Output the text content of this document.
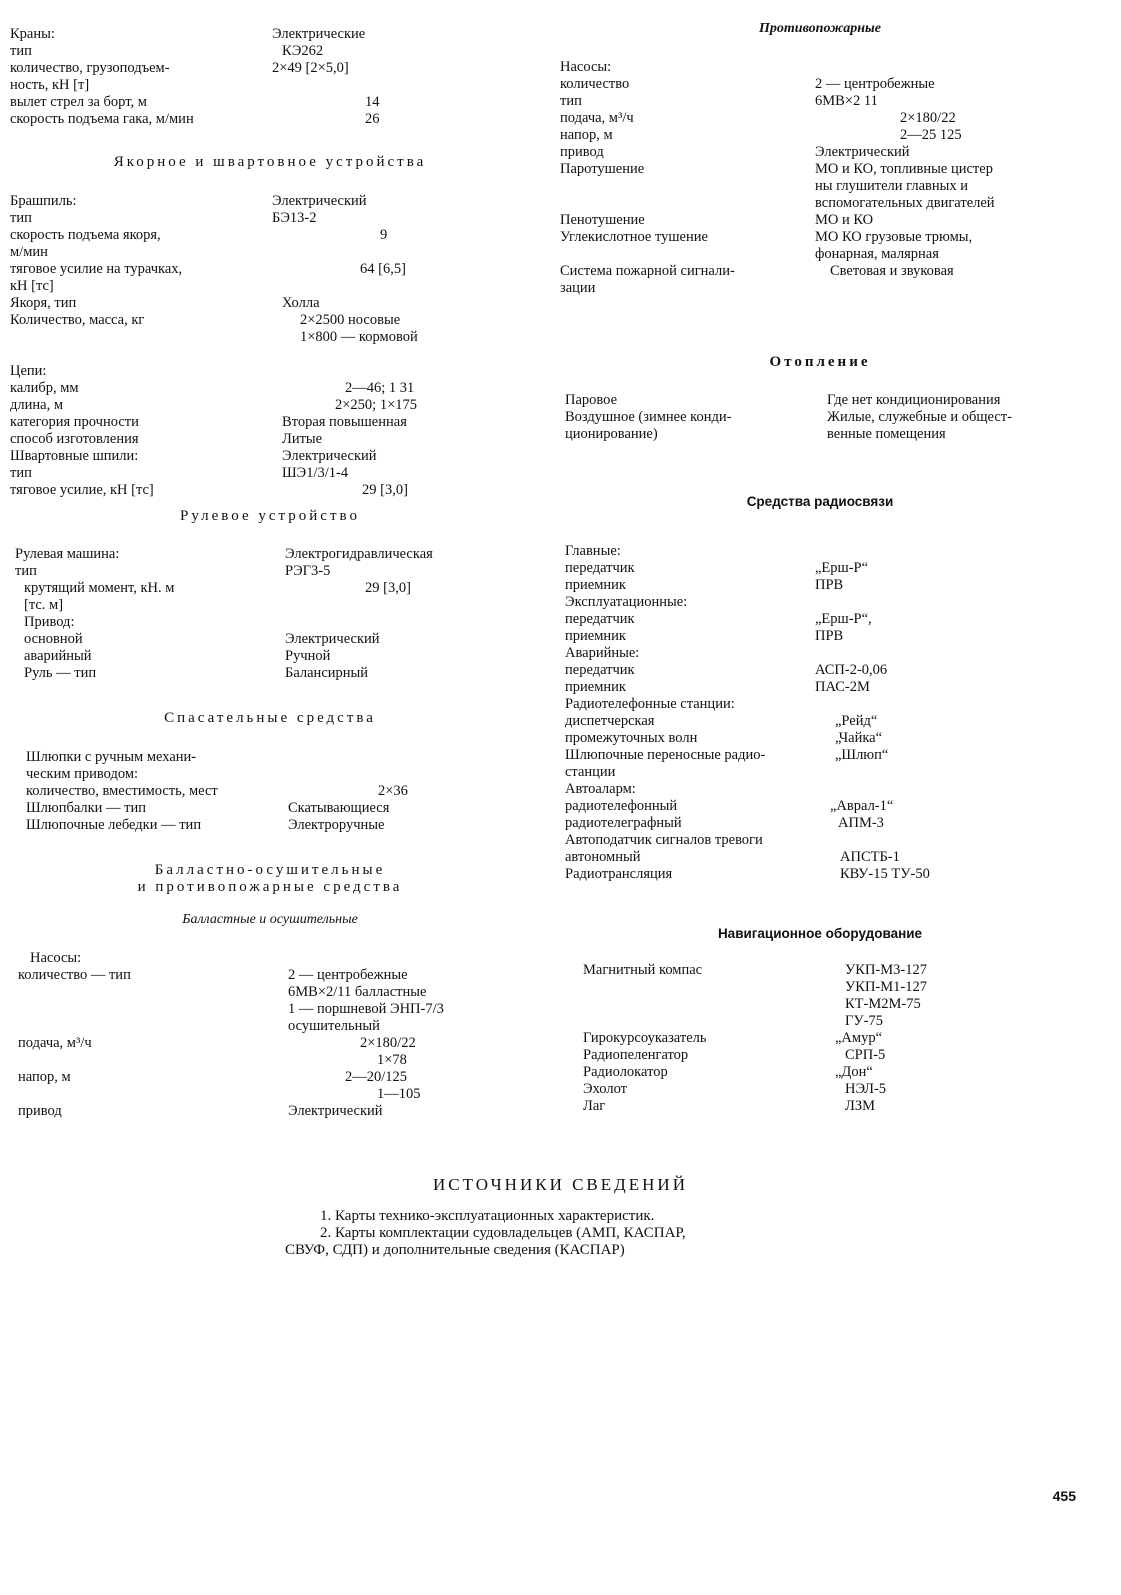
Краны:	Электрические
тип	КЭ262
количество, грузоподъем-	2×49 [2×5,0]
ность, кН [т]
вылет стрел за борт, м	14
скорость подъема гака, м/мин	26
Якорное и швартовное устройства
Брашпиль:	Электрический
тип	БЭ13-2
скорость подъема якоря,	9
м/мин
тяговое усилие на турачках,	64 [6,5]
кН [тс]
Якоря, тип	Холла
Количество, масса, кг	2×2500 носовые
1×800 — кормовой
Цепи:
калибр, мм	2—46; 1 31
длина, м	2×250; 1×175
категория прочности	Вторая повышенная
способ изготовления	Литые
Швартовные шпили:	Электрический
тип	ШЭ1/3/1-4
тяговое усилие, кН [тс]	29 [3,0]
Рулевое устройство
Рулевая машина:	Электрогидравлическая
тип	РЭГ3-5
крутящий момент, кН. м	29 [3,0]
[тс. м]
Привод:
основной	Электрический
аварийный	Ручной
Руль — тип	Балансирный
Спасательные средства
Шлюпки с ручным механи-
ческим приводом:
количество, вместимость, мест	2×36
Шлюпбалки — тип	Скатывающиеся
Шлюпочные лебедки — тип	Электроручные
Балластно-осушительные
и противопожарные средства
Балластные и осушительные
Насосы:
количество — тип	2 — центробежные
6МВ×2/11 балластные
1 — поршневой ЭНП-7/3
осушительный
подача, м³/ч	2×180/22
1×78
напор, м	2—20/125
1—105
привод	Электрический
Противопожарные
Насосы:
количество	2 — центробежные
тип	6МВ×2 11
подача, м³/ч	2×180/22
напор, м	2—25 125
привод	Электрический
Паротушение	МО и КО, топливные цистер
ны глушители главных и
вспомогательных двигателей
Пенотушение	МО и КО
Углекислотное тушение	МО КО грузовые трюмы,
фонарная, малярная
Система пожарной сигнали-	Световая и звуковая
зации
Отопление
Паровое	Где нет кондиционирования
Воздушное (зимнее конди-	Жилые, служебные и общест-
ционирование)	венные помещения
Средства радиосвязи
Главные:
передатчик	„Ерш-Р“
приемник	ПРВ
Эксплуатационные:
передатчик	„Ерш-Р“,
приемник	ПРВ
Аварийные:
передатчик	АСП-2-0,06
приемник	ПАС-2М
Радиотелефонные станции:
диспетчерская	„Рейд“
промежуточных волн	„Чайка“
Шлюпочные переносные радио-	„Шлюп“
станции
Автоаларм:
радиотелефонный	„Аврал-1“
радиотелеграфный	АПМ-3
Автоподатчик сигналов тревоги
автономный	АПСТБ-1
Радиотрансляция	КВУ-15 ТУ-50
Навигационное оборудование
Магнитный компас	УКП-М3-127
УКП-М1-127
КТ-М2М-75
ГУ-75
Гирокурсоуказатель	„Амур“
Радиопеленгатор	СРП-5
Радиолокатор	„Дон“
Эхолот	НЭЛ-5
Лаг	ЛЗМ
ИСТОЧНИКИ СВЕДЕНИЙ
1. Карты технико-эксплуатационных характеристик.
2. Карты комплектации судовладельцев (АМП, КАСПАР,
СВУФ, СДП) и дополнительные сведения (КАСПАР)
455
